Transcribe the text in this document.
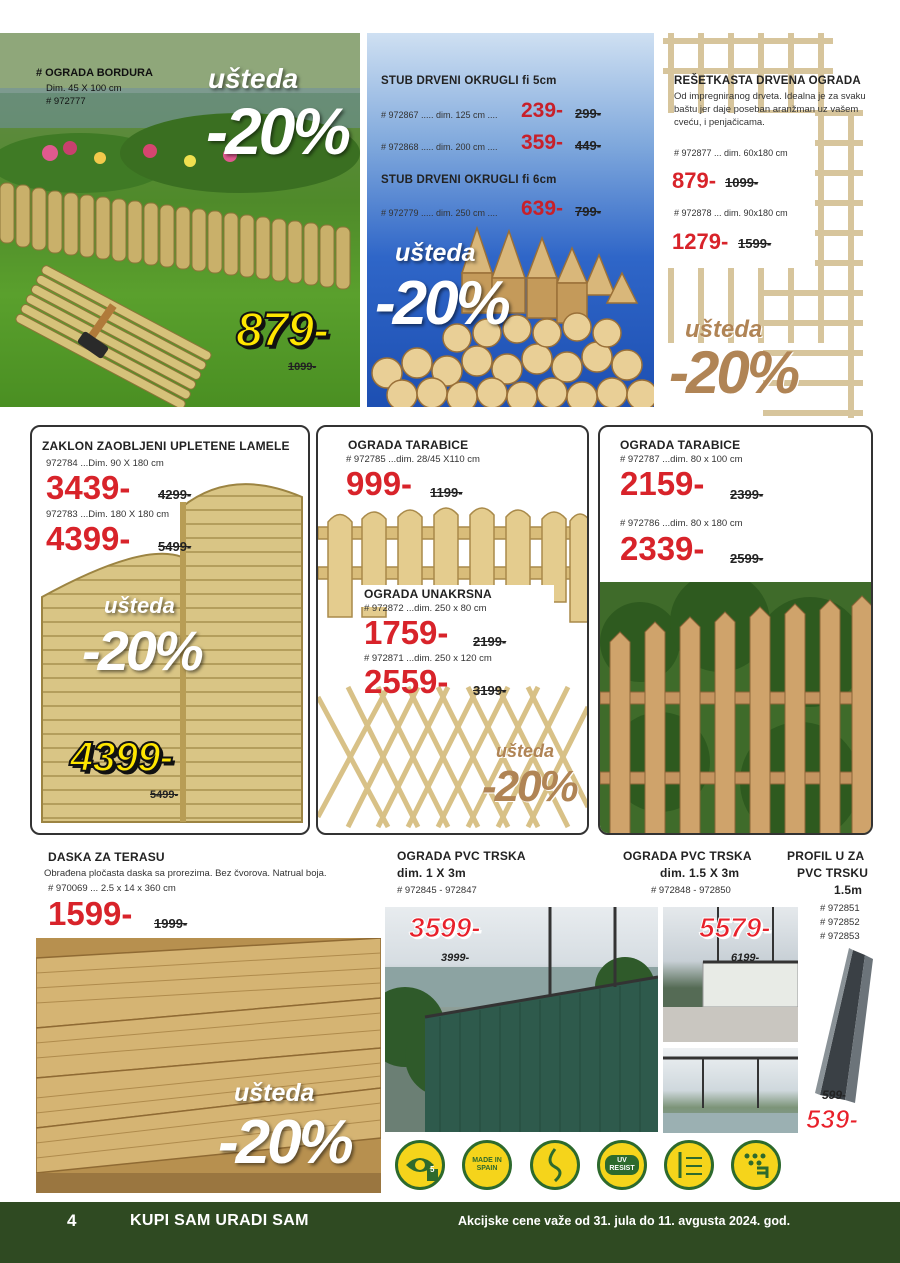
# OGRADA BORDURA
Dim. 45 X 100 cm
# 972777
ušteda
-20%
879-
1099-
STUB DRVENI OKRUGLI fi 5cm
# 972867 ..... dim. 125 cm .... 239- 299-
# 972868 ..... dim. 200 cm .... 359- 449-
STUB DRVENI OKRUGLI fi 6cm
# 972779 ..... dim. 250 cm .... 639- 799-
ušteda
-20%
REŠETKASTA DRVENA OGRADA
Od impregniranog drveta. Idealna je za svaku baštu jer daje poseban aranžman uz vašem cveću, i penjačicama.
# 972877 ... dim. 60x180 cm
879- 1099-
# 972878 ... dim. 90x180 cm
1279- 1599-
ušteda
-20%
ZAKLON ZAOBLJENI UPLETENE LAMELE
972784 ...Dim. 90 X 180 cm
3439- 4299-
972783 ...Dim. 180 X 180 cm
4399- 5499-
ušteda
-20%
4399-
5499-
OGRADA TARABICE
# 972785 ...dim. 28/45 X110 cm
999- 1199-
OGRADA UNAKRSNA
# 972872 ...dim. 250 x 80 cm
1759- 2199-
# 972871 ...dim. 250 x 120 cm
2559- 3199-
ušteda
-20%
OGRADA TARABICE
# 972787 ...dim. 80 x 100 cm
2159- 2399-
# 972786 ...dim. 80 x 180 cm
2339- 2599-
DASKA ZA TERASU
Obrađena pločasta daska sa prorezima. Bez čvorova. Natrual boja.
# 970069 ... 2.5 x 14 x 360 cm
1599- 1999-
ušteda
-20%
OGRADA PVC TRSKA
dim. 1 X 3m
# 972845 - 972847
3599-
3999-
OGRADA PVC TRSKA
dim. 1.5 X 3m
# 972848 - 972850
5579-
6199-
PROFIL U ZA
PVC TRSKU
1.5m
# 972851
# 972852
# 972853
599-
539-
5
MADE IN SPAIN
UV RESIST
4	KUPI SAM URADI SAM	Akcijske cene važe od 31. jula do 11. avgusta 2024. god.
